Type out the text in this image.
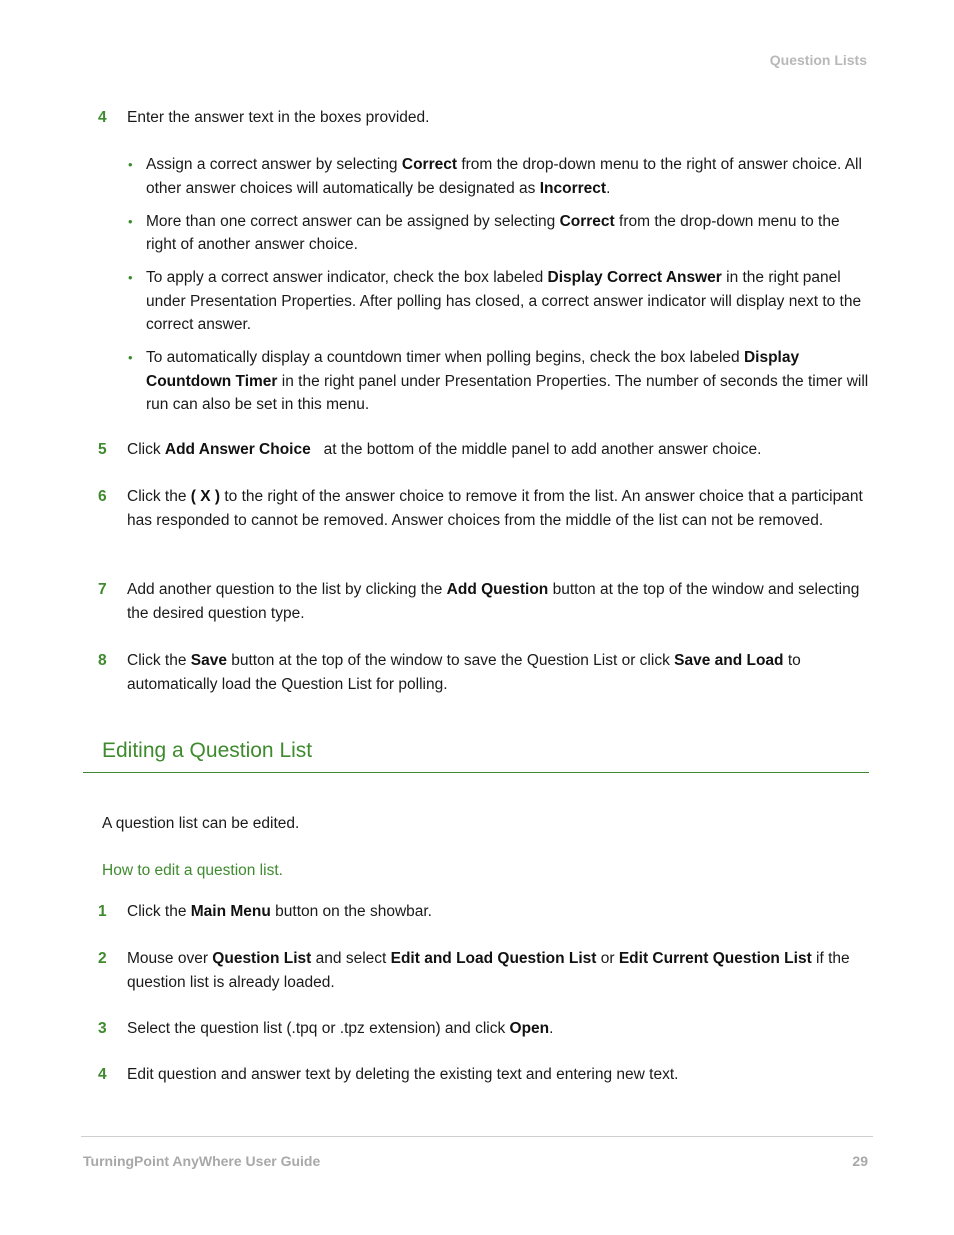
Question Lists
4 Enter the answer text in the boxes provided.
• Assign a correct answer by selecting Correct from the drop-down menu to the right of answer choice. All other answer choices will automatically be designated as Incorrect.
• More than one correct answer can be assigned by selecting Correct from the drop-down menu to the right of another answer choice.
• To apply a correct answer indicator, check the box labeled Display Correct Answer in the right panel under Presentation Properties. After polling has closed, a correct answer indicator will display next to the correct answer.
• To automatically display a countdown timer when polling begins, check the box labeled Display Countdown Timer in the right panel under Presentation Properties. The number of seconds the timer will run can also be set in this menu.
5 Click Add Answer Choice   at the bottom of the middle panel to add another answer choice.
6 Click the ( X ) to the right of the answer choice to remove it from the list. An answer choice that a participant has responded to cannot be removed. Answer choices from the middle of the list can not be removed.
7 Add another question to the list by clicking the Add Question button at the top of the window and selecting the desired question type.
8 Click the Save button at the top of the window to save the Question List or click Save and Load to automatically load the Question List for polling.
Editing a Question List
A question list can be edited.
How to edit a question list.
1 Click the Main Menu button on the showbar.
2 Mouse over Question List and select Edit and Load Question List or Edit Current Question List if the question list is already loaded.
3 Select the question list (.tpq or .tpz extension) and click Open.
4 Edit question and answer text by deleting the existing text and entering new text.
TurningPoint AnyWhere User Guide	29
